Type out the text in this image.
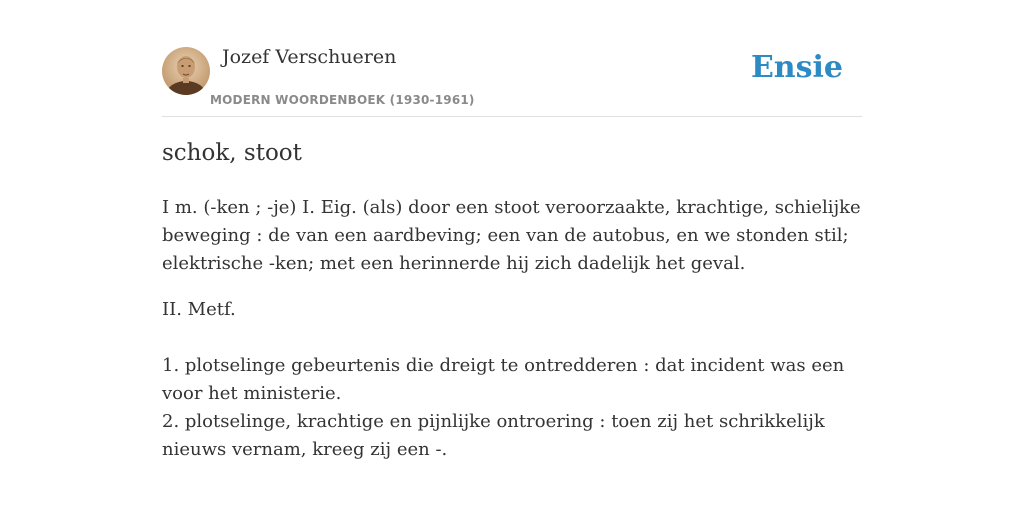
Jozef Verschueren
MODERN WOORDENBOEK (1930-1961)
Ensie
schok, stoot

I m. (-ken ; -je) I. Eig. (als) door een stoot veroorzaakte, krachtige, schielijke beweging : de van een aardbeving; een van de autobus, en we stonden stil; elektrische -ken; met een herinnerde hij zich dadelijk het geval.

II. Metf.

1. plotselinge gebeurtenis die dreigt te ontredderen : dat incident was een voor het ministerie.
2. plotselinge, krachtige en pijnlijke ontroering : toen zij het schrikkelijk nieuws vernam, kreeg zij een -.
